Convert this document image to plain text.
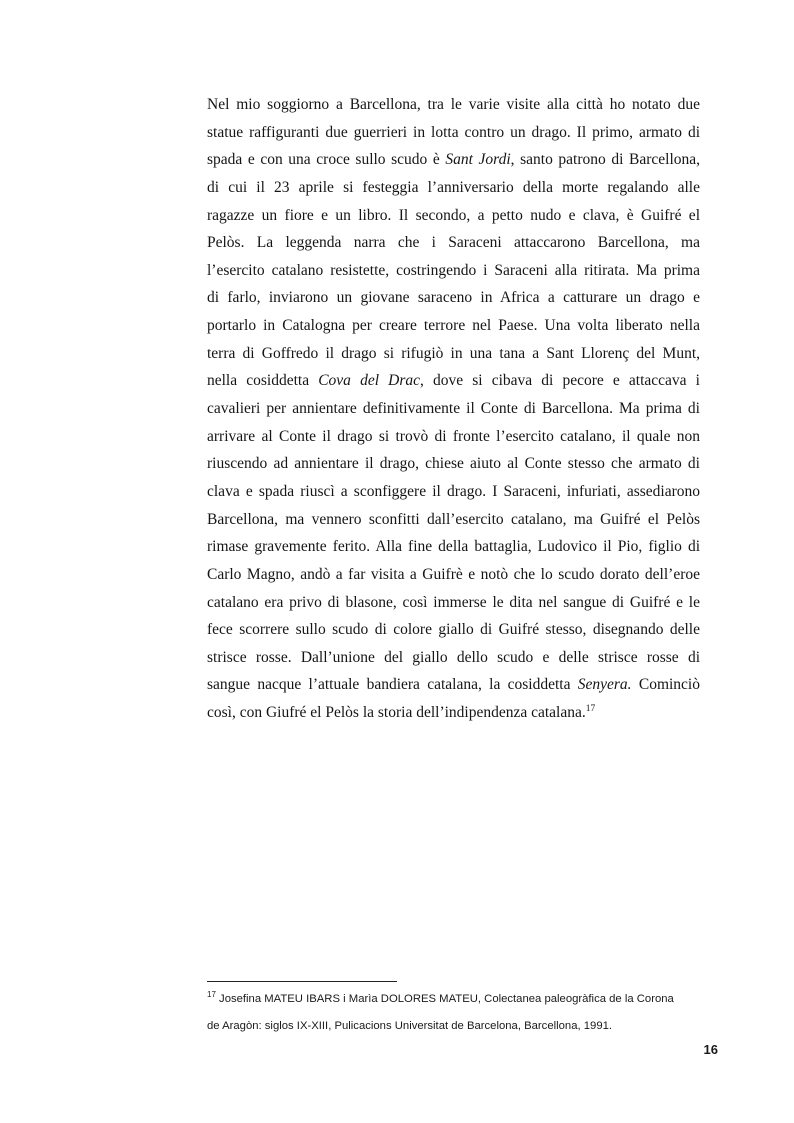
Nel mio soggiorno a Barcellona, tra le varie visite alla città ho notato due
statue raffiguranti due guerrieri in lotta contro un drago. Il primo, armato di
spada e con una croce sullo scudo è Sant Jordi, santo patrono di Barcellona,
di cui il 23 aprile si festeggia l’anniversario della morte regalando alle
ragazze un fiore e un libro. Il secondo, a petto nudo e clava, è Guifré el
Pelòs. La leggenda narra che i Saraceni attaccarono Barcellona, ma
l’esercito catalano resistette, costringendo i Saraceni alla ritirata. Ma prima
di farlo, inviarono un giovane saraceno in Africa a catturare un drago e
portarlo in Catalogna per creare terrore nel Paese. Una volta liberato nella
terra di Goffredo il drago si rifugiò in una tana a Sant Llorenç del Munt,
nella cosiddetta Cova del Drac, dove si cibava di pecore e attaccava i
cavalieri per annientare definitivamente il Conte di Barcellona. Ma prima di
arrivare al Conte il drago si trovò di fronte l’esercito catalano, il quale non
riuscendo ad annientare il drago, chiese aiuto al Conte stesso che armato di
clava e spada riuscì a sconfiggere il drago. I Saraceni, infuriati, assediarono
Barcellona, ma vennero sconfitti dall’esercito catalano, ma Guifré el Pelòs
rimase gravemente ferito. Alla fine della battaglia, Ludovico il Pio, figlio di
Carlo Magno, andò a far visita a Guifrè e notò che lo scudo dorato dell’eroe
catalano era privo di blasone, così immerse le dita nel sangue di Guifré e le
fece scorrere sullo scudo di colore giallo di Guifré stesso, disegnando delle
strisce rosse. Dall’unione del giallo dello scudo e delle strisce rosse di
sangue nacque l’attuale bandiera catalana, la cosiddetta Senyera. Cominciò
così, con Giufré el Pelòs la storia dell’indipendenza catalana.$^{17}$
$^{17}$ Josefina MATEU IBARS i Marìa DOLORES MATEU, Colectanea paleogràfica de la Corona
de Aragòn: siglos IX-XIII, Pulicacions Universitat de Barcelona, Barcellona, 1991.
16
